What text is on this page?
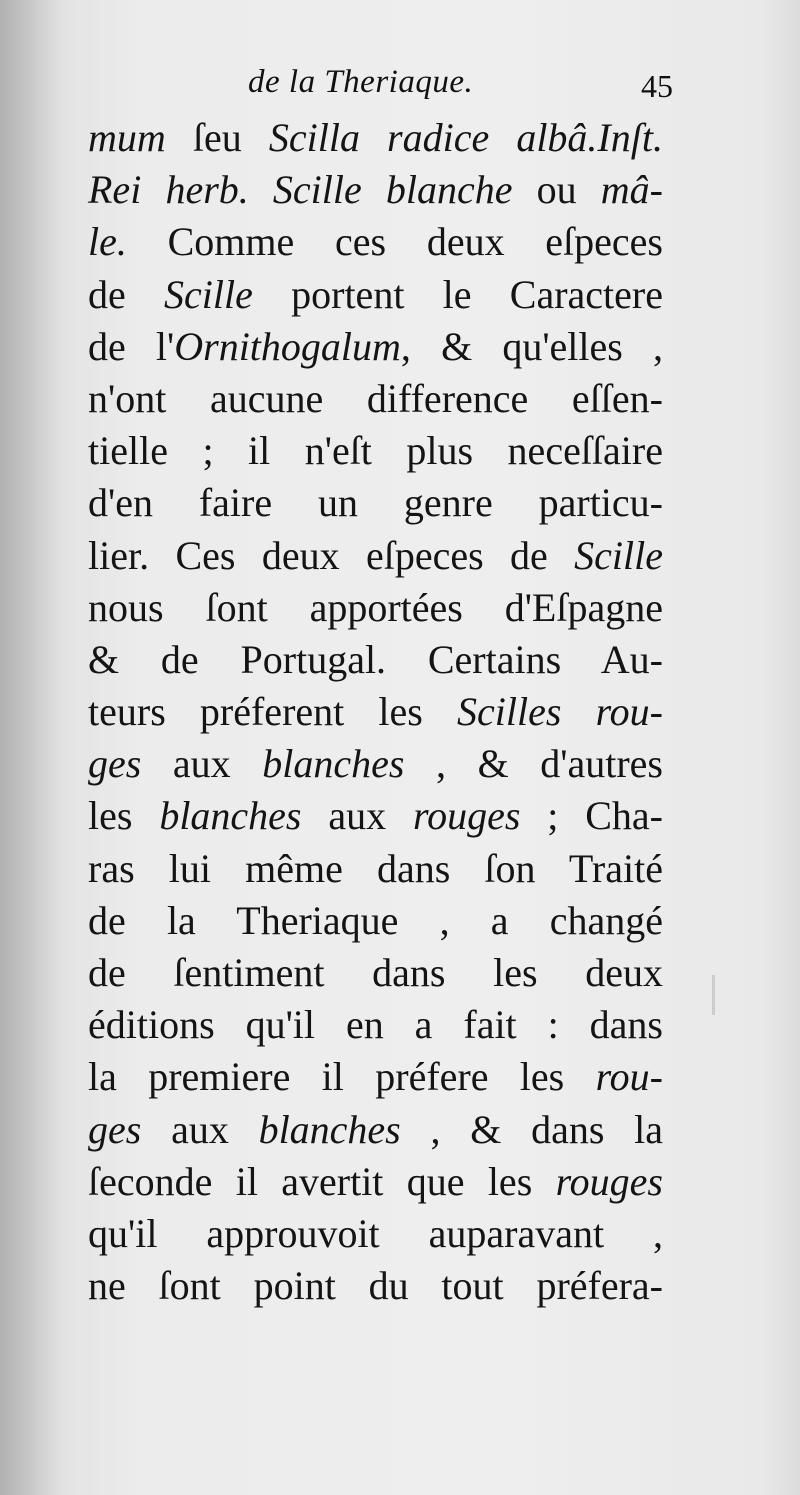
de la Theriaque.	45
mum ſeu Scilla radice albâ.Inſt.
Rei herb. Scille blanche ou mâ-
le. Comme ces deux eſpeces
de Scille portent le Caractere
de l'Ornithogalum, & qu'elles ,
n'ont aucune difference eſſen-
tielle ; il n'eſt plus neceſſaire
d'en faire un genre particu-
lier. Ces deux eſpeces de Scille
nous ſont apportées d'Eſpagne
& de Portugal. Certains Au-
teurs préferent les Scilles rou-
ges aux blanches , & d'autres
les blanches aux rouges ; Cha-
ras lui même dans ſon Traité
de la Theriaque , a changé
de ſentiment dans les deux
éditions qu'il en a fait : dans
la premiere il préfere les rou-
ges aux blanches , & dans la
ſeconde il avertit que les rouges
qu'il approuvoit auparavant ,
ne ſont point du tout préfera-
